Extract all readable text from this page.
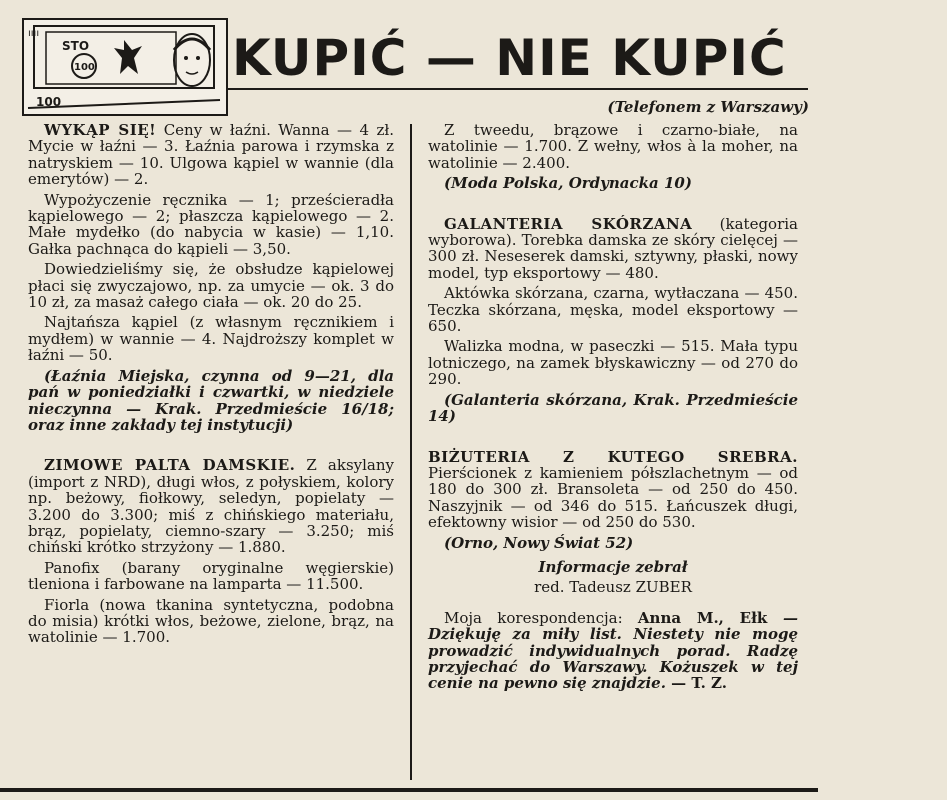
ıııı
STO
100
100
KUPIĆ — NIE KUPIĆ
(Telefonem z Warszawy)

WYKĄP SIĘ! Ceny w łaźni. Wanna — 4 zł. Mycie w łaźni — 3. Łaźnia parowa i rzymska z natryskiem — 10. Ulgowa kąpiel w wannie (dla emerytów) — 2.

Wypożyczenie ręcznika — 1; prześcieradła kąpielowego — 2; płaszcza kąpielowego — 2. Małe mydełko (do nabycia w kasie) — 1,10. Gałka pachnąca do kąpieli — 3,50.

Dowiedzieliśmy się, że obsłudze kąpielowej płaci się zwyczajowo, np. za umycie — ok. 3 do 10 zł, za masaż całego ciała — ok. 20 do 25.

Najtańsza kąpiel (z własnym ręcznikiem i mydłem) w wannie — 4. Najdroższy komplet w łaźni — 50.

(Łaźnia Miejska, czynna od 9—21, dla pań w poniedziałki i czwartki, w niedziele nieczynna — Krak. Przedmieście 16/18; oraz inne zakłady tej instytucji)

ZIMOWE PALTA DAMSKIE. Z aksylany (import z NRD), długi włos, z połyskiem, kolory np. beżowy, fiołkowy, seledyn, popielaty — 3.200 do 3.300; miś z chińskiego materiału, brąz, popielaty, ciemno-szary — 3.250; miś chiński krótko strzyżony — 1.880.

Panofix (barany oryginalne węgierskie) tleniona i farbowane na lamparta — 11.500.

Fiorla (nowa tkanina syntetyczna, podobna do misia) krótki włos, beżowe, zielone, brąz, na watolinie — 1.700.

Z tweedu, brązowe i czarno-białe, na watolinie — 1.700. Z wełny, włos à la moher, na watolinie — 2.400.

(Moda Polska, Ordynacka 10)

GALANTERIA SKÓRZANA (kategoria wyborowa). Torebka damska ze skóry cielęcej — 300 zł. Neseserek damski, sztywny, płaski, nowy model, typ eksportowy — 480.

Aktówka skórzana, czarna, wytłaczana — 450. Teczka skórzana, męska, model eksportowy — 650.

Walizka modna, w paseczki — 515. Mała typu lotniczego, na zamek błyskawiczny — od 270 do 290.

(Galanteria skórzana, Krak. Przedmieście 14)

BIŻUTERIA Z KUTEGO SREBRA. Pierścionek z kamieniem półszlachetnym — od 180 do 300 zł. Bransoleta — od 250 do 450. Naszyjnik — od 346 do 515. Łańcuszek długi, efektowny wisior — od 250 do 530.

(Orno, Nowy Świat 52)

Informacje zebrał

red. Tadeusz ZUBER

Moja korespondencja: Anna M., Ełk — Dziękuję za miły list. Niestety nie mogę prowadzić indywidualnych porad. Radzę przyjechać do Warszawy. Kożuszek w tej cenie na pewno się znajdzie. — T. Z.
